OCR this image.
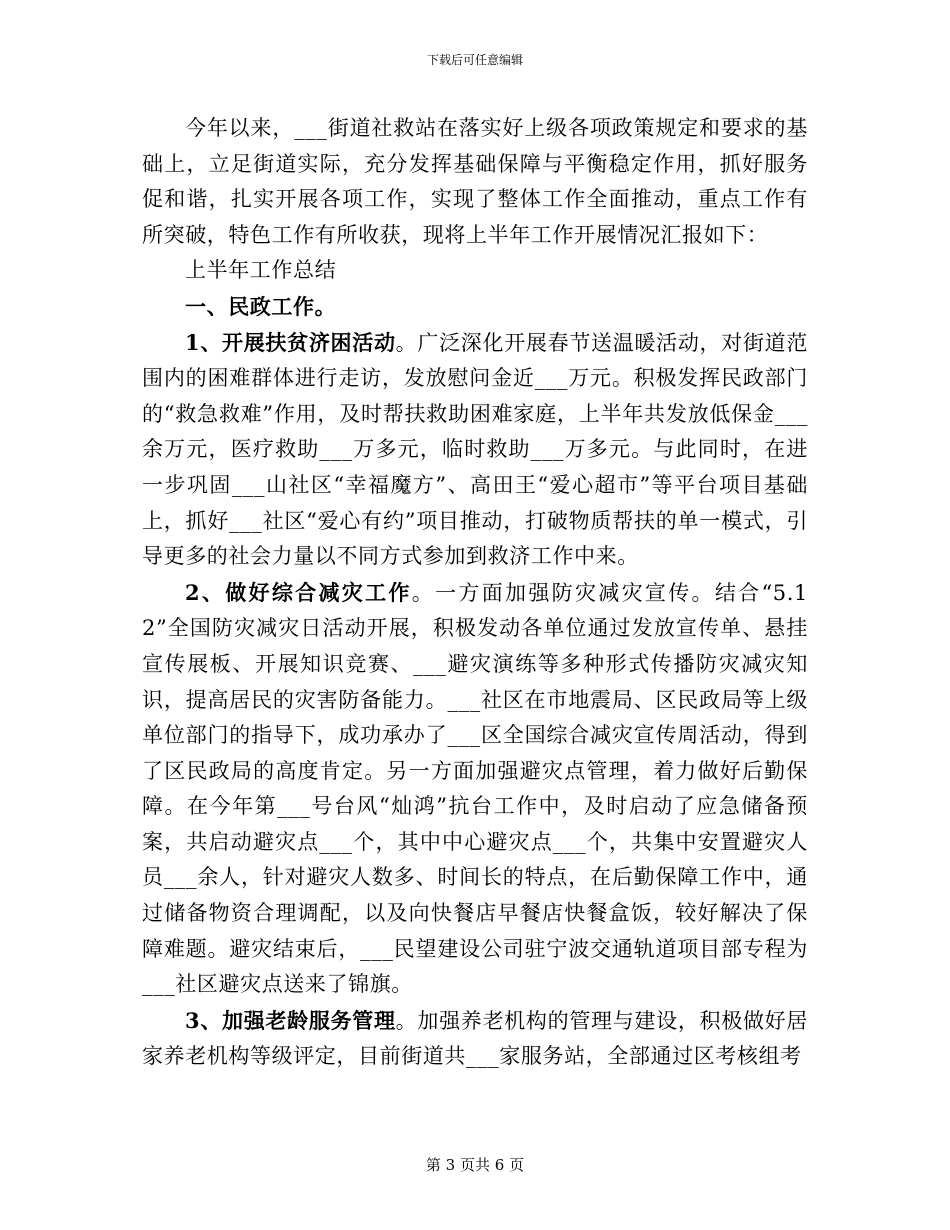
下载后可任意编辑

今年以来，___街道社救站在落实好上级各项政策规定和要求的基础上，立足街道实际，充分发挥基础保障与平衡稳定作用，抓好服务促和谐，扎实开展各项工作，实现了整体工作全面推动，重点工作有所突破，特色工作有所收获，现将上半年工作开展情况汇报如下：

上半年工作总结

一、民政工作。

1、开展扶贫济困活动。广泛深化开展春节送温暖活动，对街道范围内的困难群体进行走访，发放慰问金近___万元。积极发挥民政部门的“救急救难”作用，及时帮扶救助困难家庭，上半年共发放低保金___余万元，医疗救助___万多元，临时救助___万多元。与此同时，在进一步巩固___山社区“幸福魔方”、高田王“爱心超市”等平台项目基础上，抓好___社区“爱心有约”项目推动，打破物质帮扶的单一模式，引导更多的社会力量以不同方式参加到救济工作中来。

2、做好综合减灾工作。一方面加强防灾减灾宣传。结合“5.12”全国防灾减灾日活动开展，积极发动各单位通过发放宣传单、悬挂宣传展板、开展知识竞赛、___避灾演练等多种形式传播防灾减灾知识，提高居民的灾害防备能力。___社区在市地震局、区民政局等上级单位部门的指导下，成功承办了___区全国综合减灾宣传周活动，得到了区民政局的高度肯定。另一方面加强避灾点管理，着力做好后勤保障。在今年第___号台风“灿鸿”抗台工作中，及时启动了应急储备预案，共启动避灾点___个，其中中心避灾点___个，共集中安置避灾人员___余人，针对避灾人数多、时间长的特点，在后勤保障工作中，通过储备物资合理调配，以及向快餐店早餐店快餐盒饭，较好解决了保障难题。避灾结束后，___民望建设公司驻宁波交通轨道项目部专程为___社区避灾点送来了锦旗。

3、加强老龄服务管理。加强养老机构的管理与建设，积极做好居家养老机构等级评定，目前街道共___家服务站，全部通过区考核组考

第 3 页共 6 页
